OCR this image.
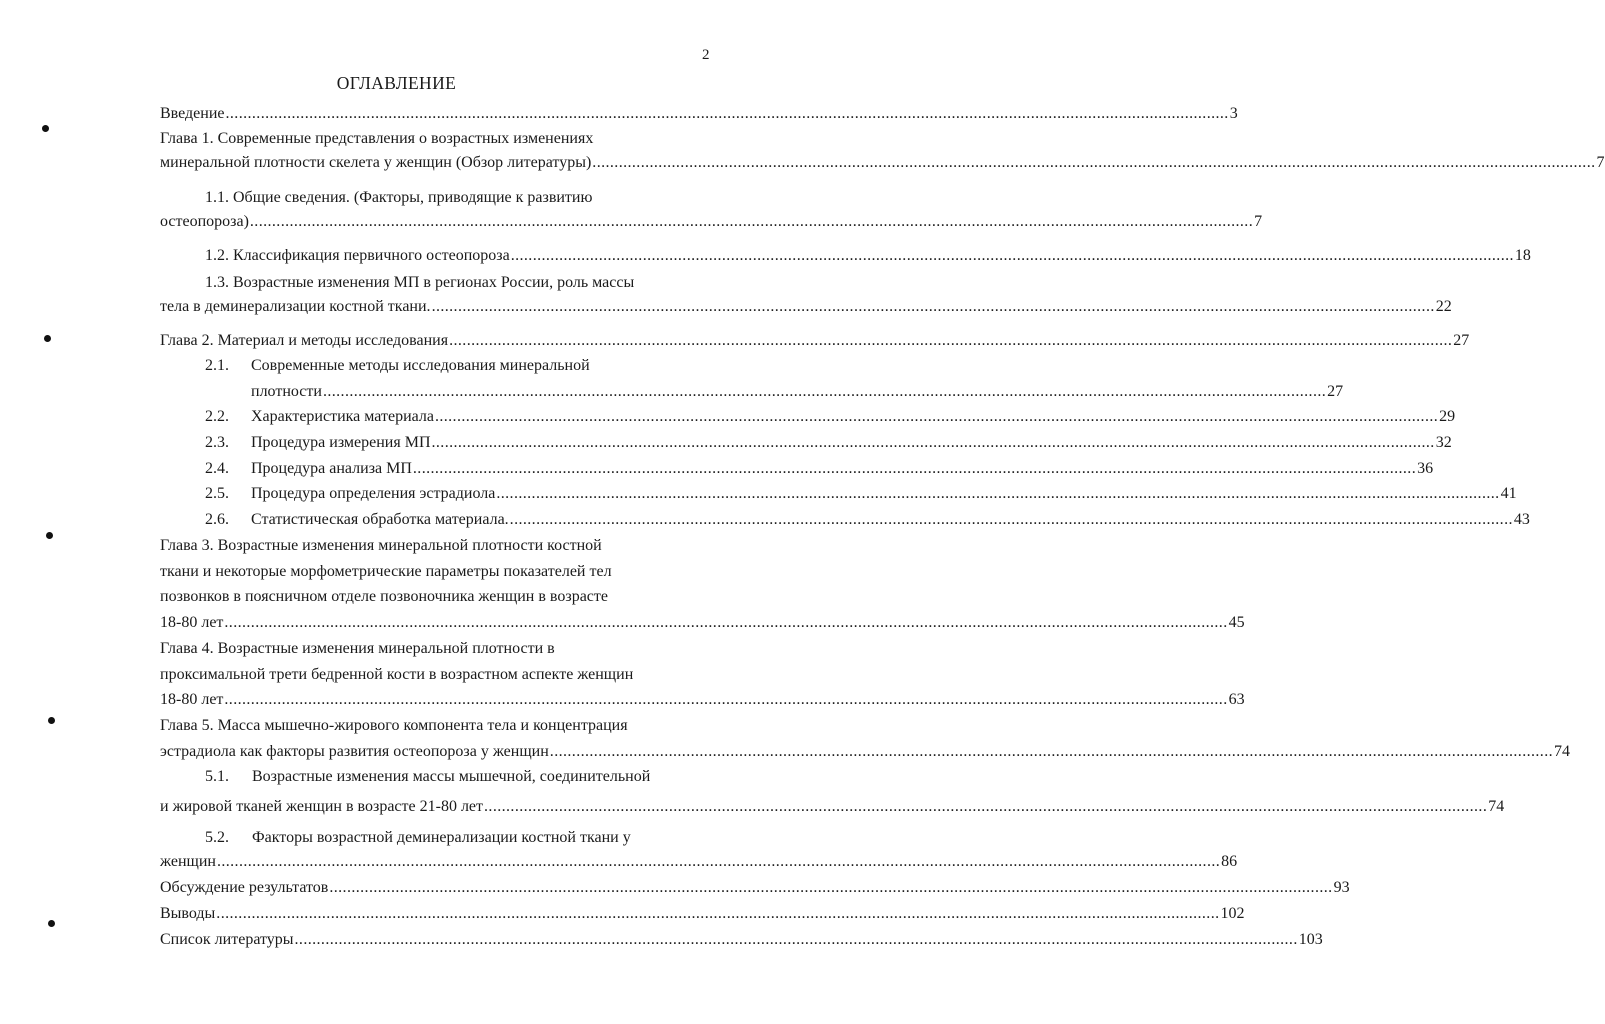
2
ОГЛАВЛЕНИЕ
Введение .................................................................................................................................................................................................................................... 3
Глава 1. Современные представления о возрастных изменениях
минеральной плотности скелета у женщин (Обзор литературы) .................................................................................................................................................................................................................................... 7
1.1. Общие сведения. (Факторы, приводящие к развитию
остеопороза) .................................................................................................................................................................................................................................... 7
1.2. Классификация первичного остеопороза .................................................................................................................................................................................................................................... 18
1.3. Возрастные изменения МП в регионах России, роль массы
тела в деминерализации костной ткани. .................................................................................................................................................................................................................................... 22
Глава 2. Материал и методы исследования .................................................................................................................................................................................................................................... 27
2.1. Современные методы исследования минеральной
плотности .................................................................................................................................................................................................................................... 27
2.2. Характеристика материала .................................................................................................................................................................................................................................... 29
2.3. Процедура измерения МП .................................................................................................................................................................................................................................... 32
2.4. Процедура анализа МП .................................................................................................................................................................................................................................... 36
2.5. Процедура определения эстрадиола .................................................................................................................................................................................................................................... 41
2.6. Статистическая обработка материала. .................................................................................................................................................................................................................................... 43
Глава 3. Возрастные изменения минеральной плотности костной
ткани и некоторые морфометрические параметры показателей тел
позвонков в поясничном отделе позвоночника женщин в возрасте
18-80 лет .................................................................................................................................................................................................................................... 45
Глава 4. Возрастные изменения минеральной плотности в
проксимальной трети бедренной кости в возрастном аспекте женщин
18-80 лет .................................................................................................................................................................................................................................... 63
Глава 5. Масса мышечно-жирового компонента тела и концентрация
эстрадиола как факторы развития остеопороза у женщин .................................................................................................................................................................................................................................... 74
5.1. Возрастные изменения массы мышечной, соединительной
и жировой тканей женщин в возрасте 21-80 лет .................................................................................................................................................................................................................................... 74
5.2. Факторы возрастной деминерализации костной ткани у
женщин .................................................................................................................................................................................................................................... 86
Обсуждение результатов .................................................................................................................................................................................................................................... 93
Выводы .................................................................................................................................................................................................................................... 102
Список литературы .................................................................................................................................................................................................................................... 103
